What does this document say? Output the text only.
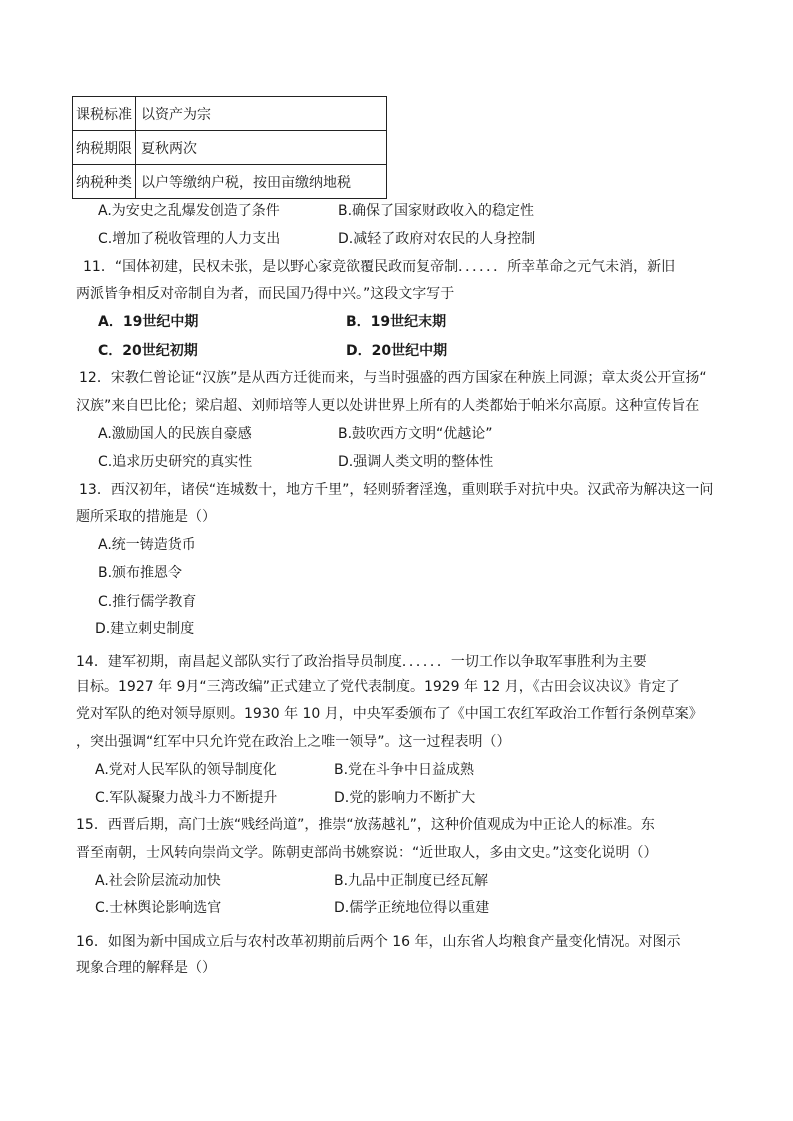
课税标准	以资产为宗
纳税期限	夏秋两次
纳税种类	以户等缴纳户税，按田亩缴纳地税
A.为安史之乱爆发创造了条件	B.确保了国家财政收入的稳定性
C.增加了税收管理的人力支出	D.减轻了政府对农民的人身控制
11．“国体初建，民权未张，是以野心家竞欲覆民政而复帝制．．．．．．所幸革命之元气未消，新旧
两派皆争相反对帝制自为者，而民国乃得中兴。”这段文字写于
A．19世纪中期	B．19世纪末期
C．20世纪初期	D．20世纪中期
12．宋教仁曾论证“汉族”是从西方迁徙而来，与当时强盛的西方国家在种族上同源；章太炎公开宣扬“
汉族”来自巴比伦；梁启超、刘师培等人更以处讲世界上所有的人类都始于帕米尔高原。这种宣传旨在
A.激励国人的民族自豪感	B.鼓吹西方文明“优越论”
C.追求历史研究的真实性	D.强调人类文明的整体性
13．西汉初年，诸侯“连城数十，地方千里”，轻则骄奢淫逸，重则联手对抗中央。汉武帝为解决这一问
题所采取的措施是（）
A.统一铸造货币
B.颁布推恩令
C.推行儒学教育
D.建立刺史制度
14．建军初期，南昌起义部队实行了政治指导员制度．．．．．．一切工作以争取军事胜利为主要
目标。1927 年 9月“三湾改编”正式建立了党代表制度。1929 年 12 月，《古田会议决议》肯定了
党对军队的绝对领导原则。1930 年 10 月，中央军委颁布了《中国工农红军政治工作暂行条例草案》
，突出强调“红军中只允许党在政治上之唯一领导”。这一过程表明（）
A.党对人民军队的领导制度化	B.党在斗争中日益成熟
C.军队凝聚力战斗力不断提升	D.党的影响力不断扩大
15．西晋后期，高门士族“贱经尚道”，推崇“放荡越礼”，这种价值观成为中正论人的标准。东
晋至南朝，士风转向崇尚文学。陈朝吏部尚书姚察说：“近世取人，多由文史。”这变化说明（）
A.社会阶层流动加快	B.九品中正制度已经瓦解
C.士林舆论影响选官	D.儒学正统地位得以重建
16．如图为新中国成立后与农村改革初期前后两个 16 年，山东省人均粮食产量变化情况。对图示
现象合理的解释是（）
